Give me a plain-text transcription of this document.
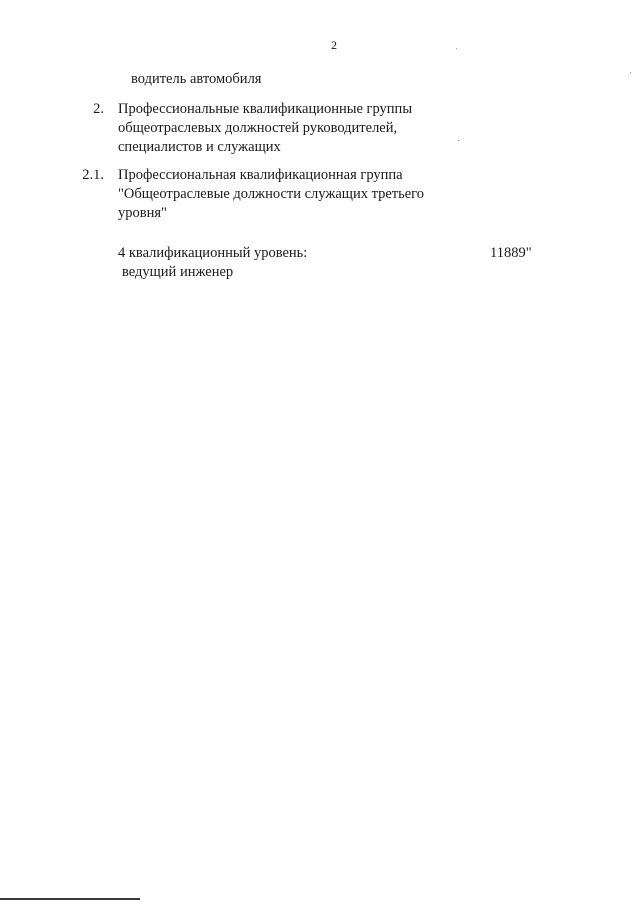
2
водитель автомобиля
2. Профессиональные квалификационные группы
общеотраслевых должностей руководителей,
специалистов и служащих
2.1. Профессиональная квалификационная группа
"Общеотраслевые должности служащих третьего
уровня"
4 квалификационный уровень:
ведущий инженер
11889"
